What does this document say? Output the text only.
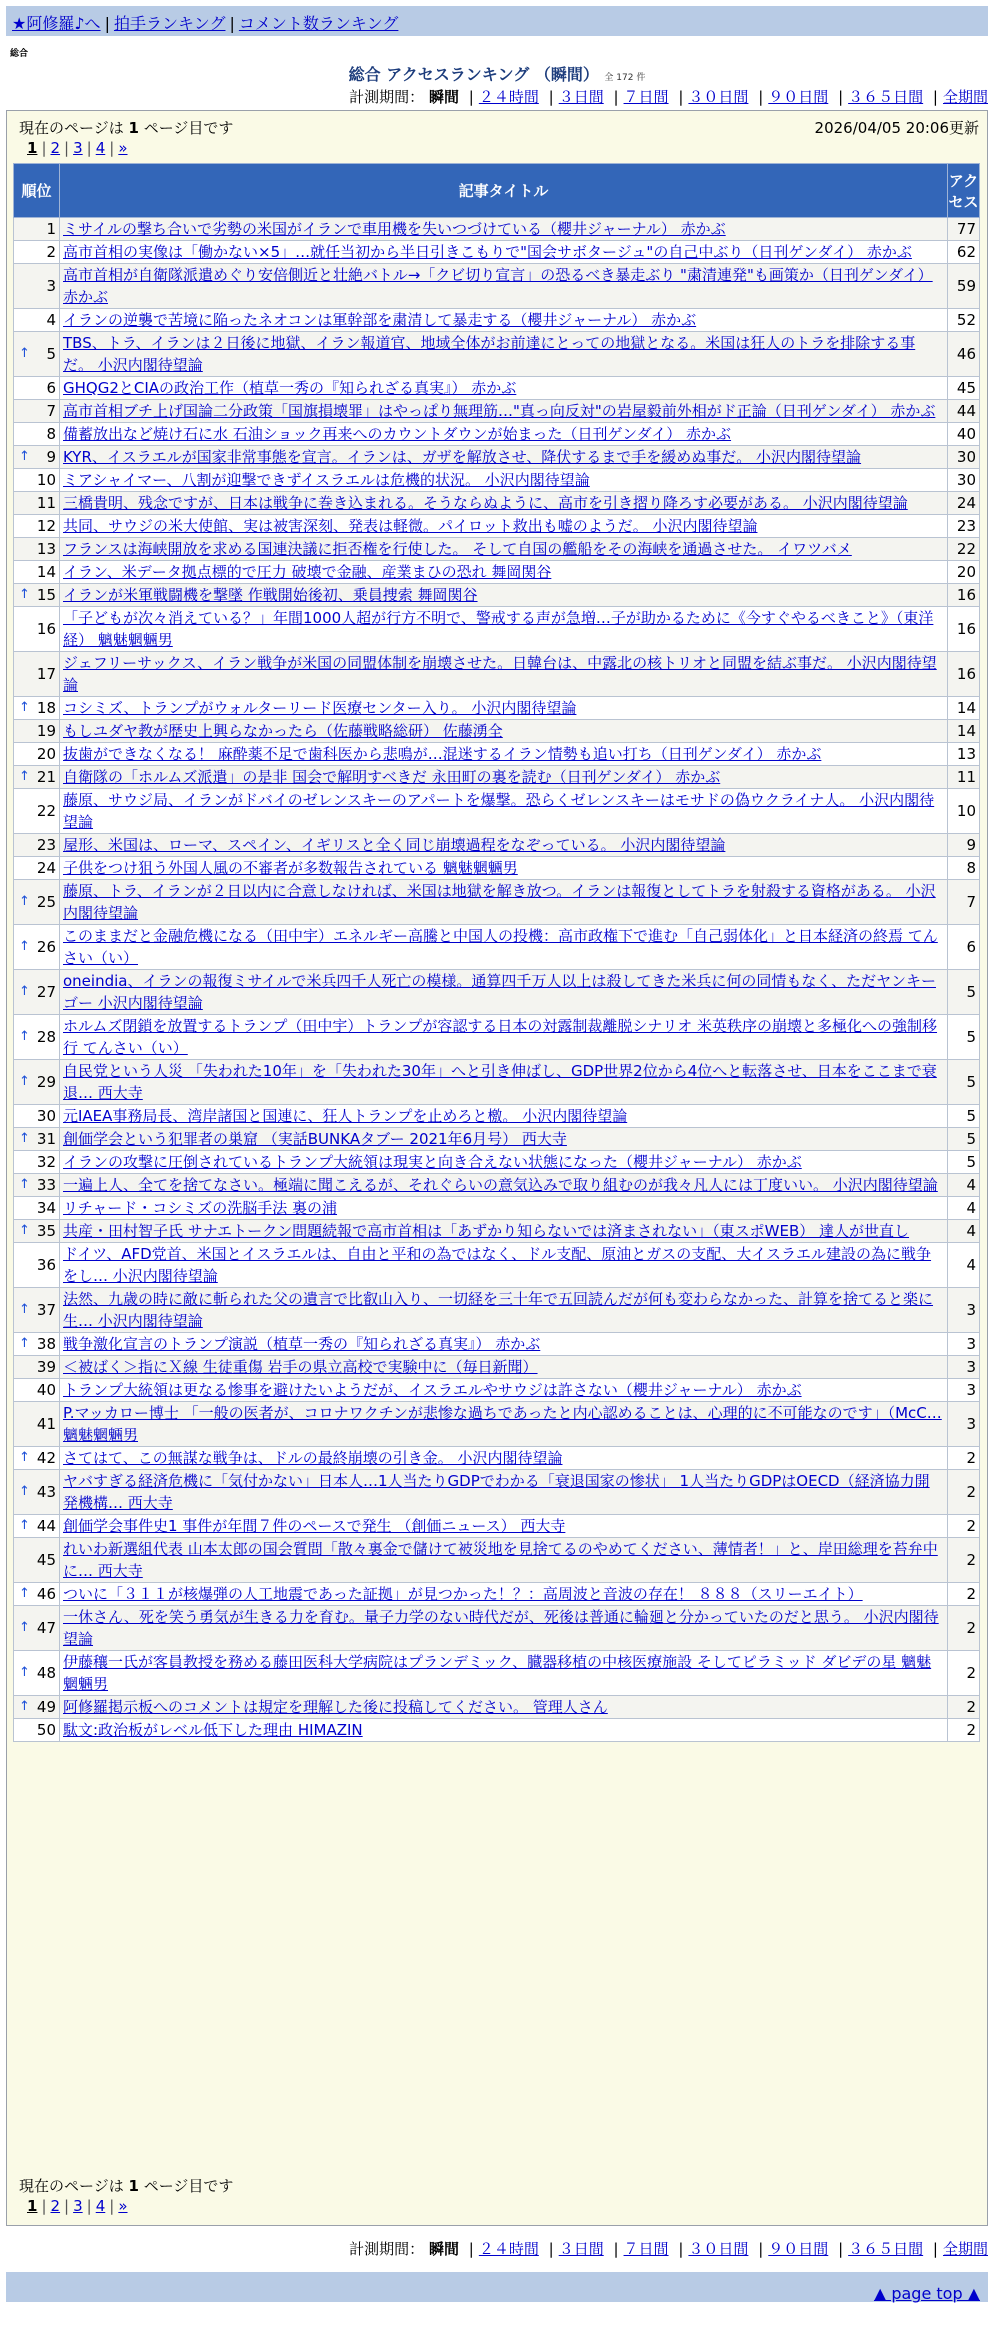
★阿修羅♪へ | 拍手ランキング | コメント数ランキング
総合
総合 アクセスランキング （瞬間） 全 172 件
計測期間： 瞬間 | ２４時間 | ３日間 | ７日間 | ３０日間 | ９０日間 | ３６５日間 | 全期間
現在のページは 1 ページ目です	2026/04/05 20:06更新
1 | 2 | 3 | 4 | »
順位	記事タイトル	アクセス
1	ミサイルの撃ち合いで劣勢の米国がイランで車用機を失いつづけている（櫻井ジャーナル） 赤かぶ	77
2	高市首相の実像は「働かない×5」…就任当初から半日引きこもりで"国会サボタージュ"の自己中ぶり（日刊ゲンダイ） 赤かぶ	62
3	高市首相が自衛隊派遣めぐり安倍側近と壮絶バトル→「クビ切り宣言」の恐るべき暴走ぶり "粛清連発"も画策か（日刊ゲンダイ） 赤かぶ	59
4	イランの逆襲で苦境に陥ったネオコンは軍幹部を粛清して暴走する（櫻井ジャーナル） 赤かぶ	52

↑ 5	TBS、トラ、イランは２日後に地獄、イラン報道官、地域全体がお前達にとっての地獄となる。米国は狂人のトラを排除する事だ。 小沢内閣待望論	46
6	GHQG2とCIAの政治工作（植草一秀の『知られざる真実』） 赤かぶ	45
7	高市首相ブチ上げ国論二分政策「国旗損壊罪」はやっぱり無理筋…"真っ向反対"の岩屋毅前外相がド正論（日刊ゲンダイ） 赤かぶ	44
8	備蓄放出など焼け石に水 石油ショック再来へのカウントダウンが始まった（日刊ゲンダイ） 赤かぶ	40

↑ 9	KYR、イスラエルが国家非常事態を宣言。イランは、ガザを解放させ、降伏するまで手を緩めぬ事だ。 小沢内閣待望論	30
10	ミアシャイマー、八割が迎撃できずイスラエルは危機的状況。 小沢内閣待望論	30
11	三橋貴明、残念ですが、日本は戦争に巻き込まれる。そうならぬように、高市を引き摺り降ろす必要がある。 小沢内閣待望論	24
12	共同、サウジの米大使館、実は被害深刻、発表は軽微。パイロット救出も嘘のようだ。 小沢内閣待望論	23
13	フランスは海峡開放を求める国連決議に拒否権を行使した。 そして自国の艦船をその海峡を通過させた。 イワツバメ	22
14	イラン、米データ拠点標的で圧力 破壊で金融、産業まひの恐れ 舞岡関谷	20

↑ 15	イランが米軍戦闘機を撃墜 作戦開始後初、乗員捜索 舞岡関谷	16
16	「子どもが次々消えている？」年間1000人超が行方不明で、警戒する声が急増…子が助かるために《今すぐやるべきこと》（東洋経） 魑魅魍魎男	16
17	ジェフリーサックス、イラン戦争が米国の同盟体制を崩壊させた。日韓台は、中露北の核トリオと同盟を結ぶ事だ。 小沢内閣待望論	16

↑ 18	コシミズ、トランプがウォルターリード医療センター入り。 小沢内閣待望論	14
19	もしユダヤ教が歴史上興らなかったら（佐藤戦略総研） 佐藤湧全	14
20	抜歯ができなくなる！ 麻酔薬不足で歯科医から悲鳴が…混迷するイラン情勢も追い打ち（日刊ゲンダイ） 赤かぶ	13

↑ 21	自衛隊の「ホルムズ派遣」の是非 国会で解明すべきだ 永田町の裏を読む（日刊ゲンダイ） 赤かぶ	11
22	藤原、サウジ局、イランがドバイのゼレンスキーのアパートを爆撃。恐らくゼレンスキーはモサドの偽ウクライナ人。 小沢内閣待望論	10
23	屋形、米国は、ローマ、スペイン、イギリスと全く同じ崩壊過程をなぞっている。 小沢内閣待望論	9
24	子供をつけ狙う外国人風の不審者が多数報告されている 魑魅魍魎男	8

↑ 25	藤原、トラ、イランが２日以内に合意しなければ、米国は地獄を解き放つ。イランは報復としてトラを射殺する資格がある。 小沢内閣待望論	7

↑ 26	このままだと金融危機になる（田中宇）エネルギー高騰と中国人の投機：高市政権下で進む「自己弱体化」と日本経済の終焉 てんさい（い）	6

↑ 27	oneindia、イランの報復ミサイルで米兵四千人死亡の模様。通算四千万人以上は殺してきた米兵に何の同情もなく、ただヤンキーゴー 小沢内閣待望論	5

↑ 28	ホルムズ閉鎖を放置するトランプ（田中宇）トランプが容認する日本の対露制裁離脱シナリオ 米英秩序の崩壊と多極化への強制移行 てんさい（い）	5

↑ 29	自民党という人災 「失われた10年」を「失われた30年」へと引き伸ばし、GDP世界2位から4位へと転落させ、日本をここまで衰退… 西大寺	5
30	元IAEA事務局長、湾岸諸国と国連に、狂人トランプを止めろと檄。 小沢内閣待望論	5

↑ 31	創価学会という犯罪者の巣窟 （実話BUNKAタブー 2021年6月号） 西大寺	5
32	イランの攻撃に圧倒されているトランプ大統領は現実と向き合えない状態になった（櫻井ジャーナル） 赤かぶ	5

↑ 33	一遍上人、全てを捨てなさい。極端に聞こえるが、それぐらいの意気込みで取り組むのが我々凡人には丁度いい。 小沢内閣待望論	4
34	リチャード・コシミズの洗脳手法 裏の浦	4

↑ 35	共産・田村智子氏 サナエトークン問題続報で高市首相は「あずかり知らないでは済まされない」（東スポWEB） 達人が世直し	4
36	ドイツ、AFD党首、米国とイスラエルは、自由と平和の為ではなく、ドル支配、原油とガスの支配、大イスラエル建設の為に戦争をし… 小沢内閣待望論	4

↑ 37	法然、九歳の時に敵に斬られた父の遺言で比叡山入り、一切経を三十年で五回読んだが何も変わらなかった、計算を捨てると楽に生… 小沢内閣待望論	3

↑ 38	戦争激化宣言のトランプ演説（植草一秀の『知られざる真実』） 赤かぶ	3
39	＜被ばく＞指にＸ線 生徒重傷 岩手の県立高校で実験中に（毎日新聞）	3
40	トランプ大統領は更なる惨事を避けたいようだが、イスラエルやサウジは許さない（櫻井ジャーナル） 赤かぶ	3
41	P.マッカロー博士 「一般の医者が、コロナワクチンが悲惨な過ちであったと内心認めることは、心理的に不可能なのです」（McC… 魑魅魍魎男	3

↑ 42	さてはて、この無謀な戦争は、ドルの最終崩壊の引き金。 小沢内閣待望論	2

↑ 43	ヤバすぎる経済危機に「気付かない」日本人…1人当たりGDPでわかる「衰退国家の惨状」 1人当たりGDPはOECD（経済協力開発機構… 西大寺	2

↑ 44	創価学会事件史1 事件が年間７件のペースで発生 （創価ニュース） 西大寺	2
45	れいわ新選組代表 山本太郎の国会質問「散々裏金で儲けて被災地を見捨てるのやめてください、薄情者！」と、岸田総理を苔弁中に… 西大寺	2

↑ 46	ついに「３１１が核爆弾の人工地震であった証拠」が見つかった！？：高周波と音波の存在！ ８８８（スリーエイト）	2

↑ 47	一休さん、死を笑う勇気が生きる力を育む。量子力学のない時代だが、死後は普通に輪廻と分かっていたのだと思う。 小沢内閣待望論	2

↑ 48	伊藤穰一氏が客員教授を務める藤田医科大学病院はプランデミック、臓器移植の中核医療施設 そしてピラミッド ダビデの星 魑魅魍魎男	2

↑ 49	阿修羅掲示板へのコメントは規定を理解した後に投稿してください。 管理人さん	2
50	駄文:政治板がレベル低下した理由 HIMAZIN	2
現在のページは 1 ページ目です
1 | 2 | 3 | 4 | »
計測期間： 瞬間 | ２４時間 | ３日間 | ７日間 | ３０日間 | ９０日間 | ３６５日間 | 全期間
▲ page top ▲
